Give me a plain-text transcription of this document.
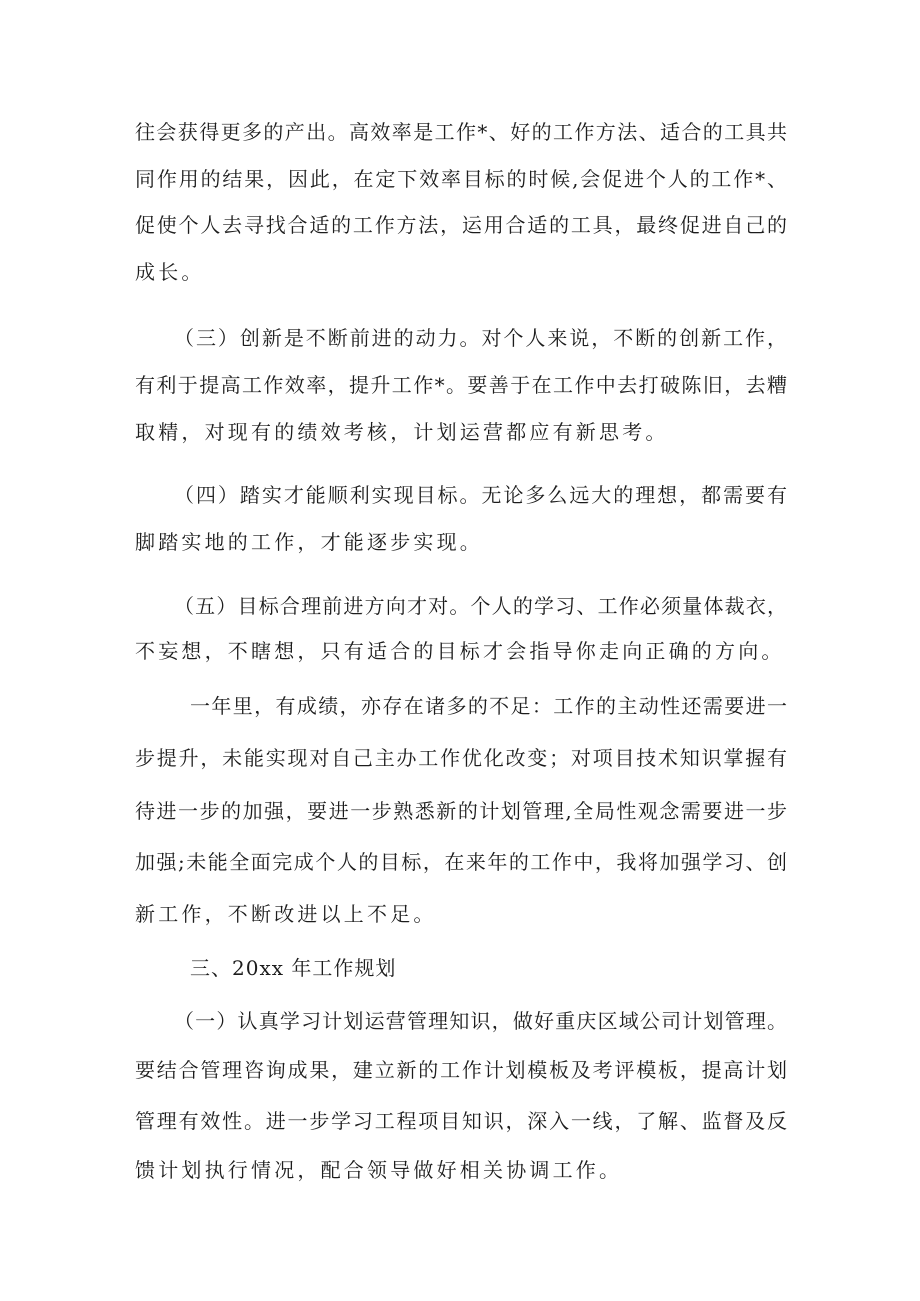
往会获得更多的产出。高效率是工作*、好的工作方法、适合的工具共

同作用的结果，因此，在定下效率目标的时候,会促进个人的工作*、

促使个人去寻找合适的工作方法，运用合适的工具，最终促进自己的

成长。

（三）创新是不断前进的动力。对个人来说，不断的创新工作，

有利于提高工作效率，提升工作*。要善于在工作中去打破陈旧，去糟

取精，对现有的绩效考核，计划运营都应有新思考。

（四）踏实才能顺利实现目标。无论多么远大的理想，都需要有

脚踏实地的工作，才能逐步实现。

（五）目标合理前进方向才对。个人的学习、工作必须量体裁衣，

不妄想，不瞎想，只有适合的目标才会指导你走向正确的方向。

一年里，有成绩，亦存在诸多的不足：工作的主动性还需要进一

步提升，未能实现对自己主办工作优化改变；对项目技术知识掌握有

待进一步的加强，要进一步熟悉新的计划管理,全局性观念需要进一步

加强;未能全面完成个人的目标，在来年的工作中，我将加强学习、创

新工作，不断改进以上不足。

三、20xx 年工作规划

（一）认真学习计划运营管理知识，做好重庆区域公司计划管理。

要结合管理咨询成果，建立新的工作计划模板及考评模板，提高计划

管理有效性。进一步学习工程项目知识，深入一线，了解、监督及反

馈计划执行情况，配合领导做好相关协调工作。
